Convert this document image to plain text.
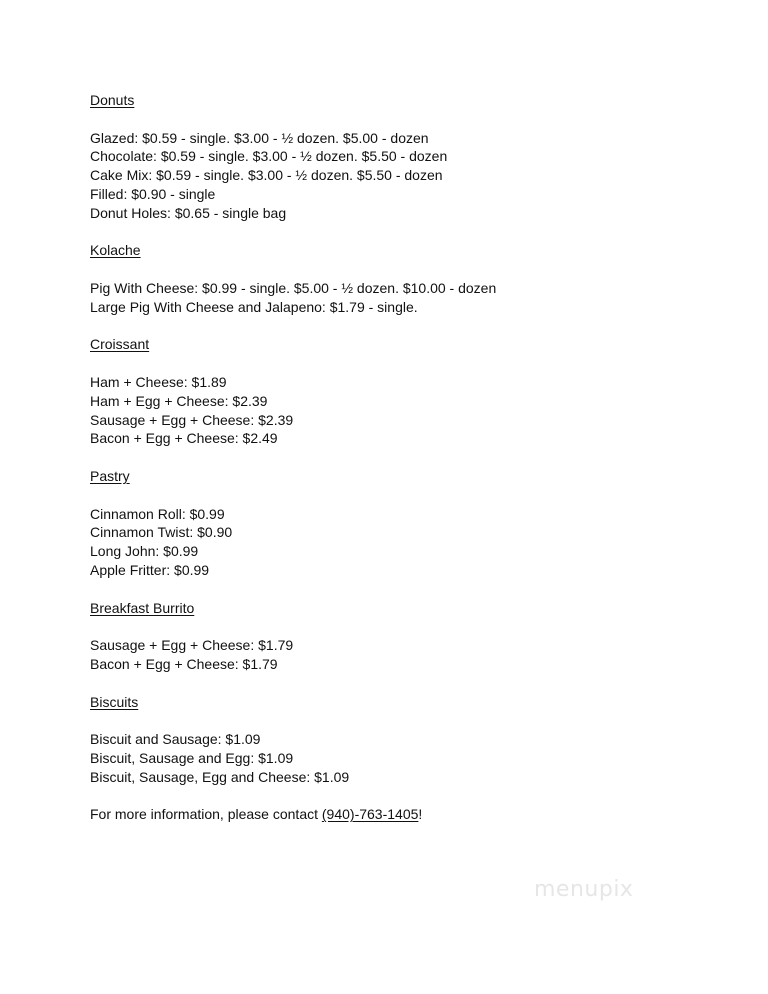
Donuts
Glazed: $0.59 - single. $3.00 - ½ dozen. $5.00 - dozen
Chocolate: $0.59 - single. $3.00 - ½ dozen. $5.50 - dozen
Cake Mix: $0.59 - single. $3.00 - ½ dozen. $5.50 - dozen
Filled: $0.90 - single
Donut Holes: $0.65 - single bag
Kolache
Pig With Cheese: $0.99 - single. $5.00 - ½ dozen. $10.00 - dozen
Large Pig With Cheese and Jalapeno: $1.79 - single.
Croissant
Ham + Cheese: $1.89
Ham + Egg + Cheese: $2.39
Sausage + Egg + Cheese: $2.39
Bacon + Egg + Cheese: $2.49
Pastry
Cinnamon Roll: $0.99
Cinnamon Twist: $0.90
Long John: $0.99
Apple Fritter: $0.99
Breakfast Burrito
Sausage + Egg + Cheese: $1.79
Bacon + Egg + Cheese: $1.79
Biscuits
Biscuit and Sausage: $1.09
Biscuit, Sausage and Egg: $1.09
Biscuit, Sausage, Egg and Cheese: $1.09
For more information, please contact (940)-763-1405!
menupix
